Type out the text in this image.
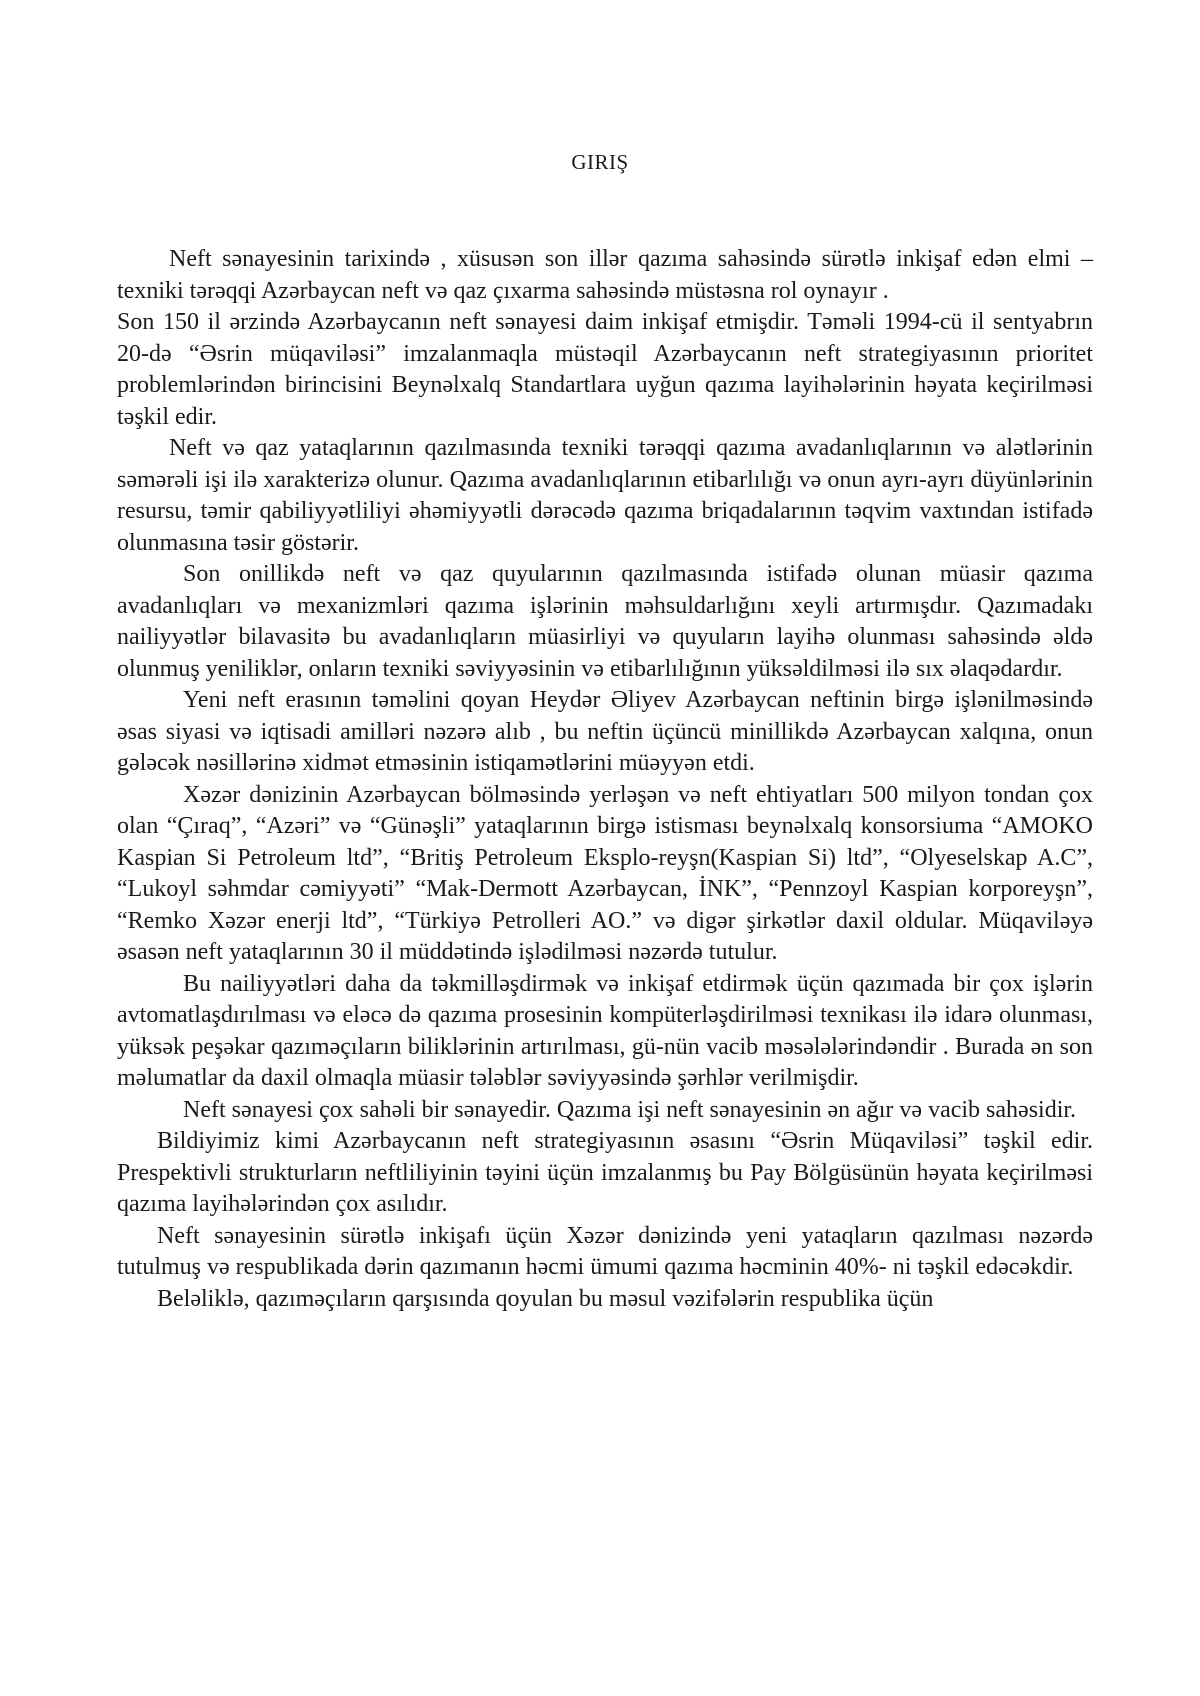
GIRIŞ

Neft sənayesinin tarixində , xüsusən son illər qazıma sahəsində sürətlə inkişaf edən elmi – texniki tərəqqi Azərbaycan neft və qaz çıxarma sahəsində müstəsna rol oynayır .

Son 150 il ərzində Azərbaycanın neft sənayesi daim inkişaf etmişdir. Təməli 1994-cü il sentyabrın 20-də “Əsrin müqaviləsi” imzalanmaqla müstəqil Azərbaycanın neft strategiyasının prioritet problemlərindən birincisini Beynəlxalq Standartlara uyğun qazıma layihələrinin həyata keçirilməsi təşkil edir.

Neft və qaz yataqlarının qazılmasında texniki tərəqqi qazıma avadanlıqlarının və alətlərinin səmərəli işi ilə xarakterizə olunur. Qazıma avadanlıqlarının etibarlılığı və onun ayrı-ayrı düyünlərinin resursu, təmir qabiliyyətliliyi əhəmiyyətli dərəcədə qazıma briqadalarının təqvim vaxtından istifadə olunmasına təsir göstərir.

Son onillikdə neft və qaz quyularının qazılmasında istifadə olunan müasir qazıma avadanlıqları və mexanizmləri qazıma işlərinin məhsuldarlığını xeyli artırmışdır. Qazımadakı nailiyyətlər bilavasitə bu avadanlıqların müasirliyi və quyuların layihə olunması sahəsində əldə olunmuş yeniliklər, onların texniki səviyyəsinin və etibarlılığının yüksəldilməsi ilə sıx əlaqədardır.

Yeni neft erasının təməlini qoyan Heydər Əliyev Azərbaycan neftinin birgə işlənilməsində əsas siyasi və iqtisadi amilləri nəzərə alıb , bu neftin üçüncü minillikdə Azərbaycan xalqına, onun gələcək nəsillərinə xidmət etməsinin istiqamətlərini müəyyən etdi.

Xəzər dənizinin Azərbaycan bölməsində yerləşən və neft ehtiyatları 500 milyon tondan çox olan “Çıraq”, “Azəri” və “Günəşli” yataqlarının birgə istisması beynəlxalq konsorsiuma “AMOKO Kaspian Si Petroleum ltd”, “Britiş Petroleum Eksplo-reyşn(Kaspian Si) ltd”, “Olyeselskap A.C”, “Lukoyl səhmdar cəmiyyəti” “Mak-Dermott Azərbaycan, İNK”, “Pennzoyl Kaspian korporeyşn”, “Remko Xəzər enerji ltd”, “Türkiyə Petrolleri AO.” və digər şirkətlər daxil oldular. Müqaviləyə əsasən neft yataqlarının 30 il müddətində işlədilməsi nəzərdə tutulur.

Bu nailiyyətləri daha da təkmilləşdirmək və inkişaf etdirmək üçün qazımada bir çox işlərin avtomatlaşdırılması və eləcə də qazıma prosesinin kompüterləşdirilməsi texnikası ilə idarə olunması, yüksək peşəkar qazıməçıların biliklərinin artırılması, gü-nün vacib məsələlərindəndir . Burada ən son məlumatlar da daxil olmaqla müasir tələblər səviyyəsində şərhlər verilmişdir.

Neft sənayesi çox sahəli bir sənayedir. Qazıma işi neft sənayesinin ən ağır və vacib sahəsidir.

Bildiyimiz kimi Azərbaycanın neft strategiyasının əsasını “Əsrin Müqaviləsi” təşkil edir. Prespektivli strukturların neftliliyinin təyini üçün imzalanmış bu Pay Bölgüsünün həyata keçirilməsi qazıma layihələrindən çox asılıdır.

Neft sənayesinin sürətlə inkişafı üçün Xəzər dənizində yeni yataqların qazılması nəzərdə tutulmuş və respublikada dərin qazımanın həcmi ümumi qazıma həcminin 40%- ni təşkil edəcəkdir.

Beləliklə, qazıməçıların qarşısında qoyulan bu məsul vəzifələrin respublika üçün
